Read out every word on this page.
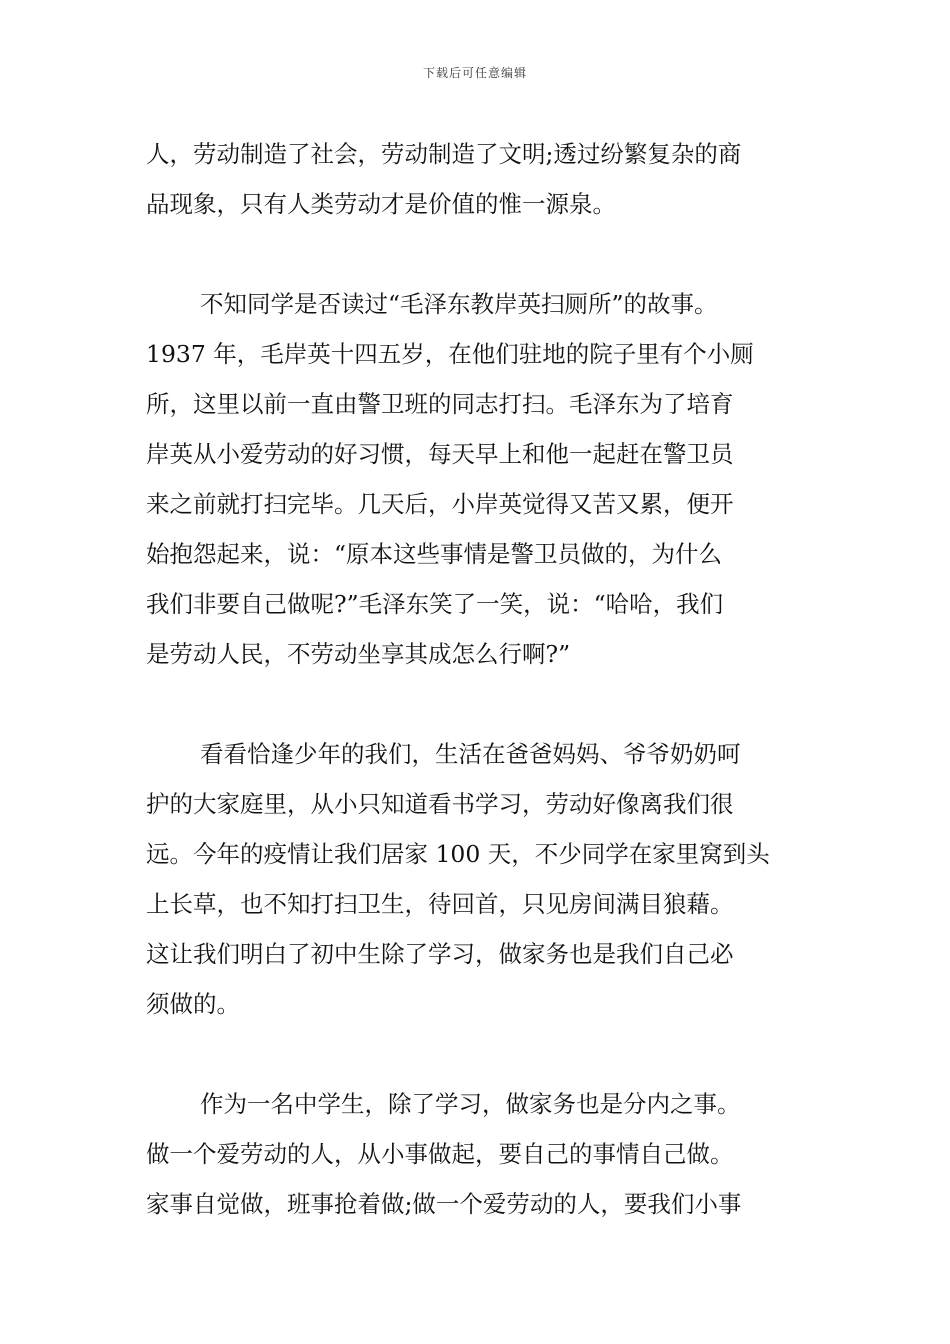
下载后可任意编辑
人，劳动制造了社会，劳动制造了文明;透过纷繁复杂的商
品现象，只有人类劳动才是价值的惟一源泉。
不知同学是否读过“毛泽东教岸英扫厕所”的故事。
1937 年，毛岸英十四五岁，在他们驻地的院子里有个小厕
所，这里以前一直由警卫班的同志打扫。毛泽东为了培育
岸英从小爱劳动的好习惯，每天早上和他一起赶在警卫员
来之前就打扫完毕。几天后，小岸英觉得又苦又累，便开
始抱怨起来，说：“原本这些事情是警卫员做的，为什么
我们非要自己做呢?”毛泽东笑了一笑，说：“哈哈，我们
是劳动人民，不劳动坐享其成怎么行啊?”
看看恰逢少年的我们，生活在爸爸妈妈、爷爷奶奶呵
护的大家庭里，从小只知道看书学习，劳动好像离我们很
远。今年的疫情让我们居家 100 天，不少同学在家里窝到头
上长草，也不知打扫卫生，待回首，只见房间满目狼藉。
这让我们明白了初中生除了学习，做家务也是我们自己必
须做的。
作为一名中学生，除了学习，做家务也是分内之事。
做一个爱劳动的人，从小事做起，要自己的事情自己做。
家事自觉做，班事抢着做;做一个爱劳动的人，要我们小事
